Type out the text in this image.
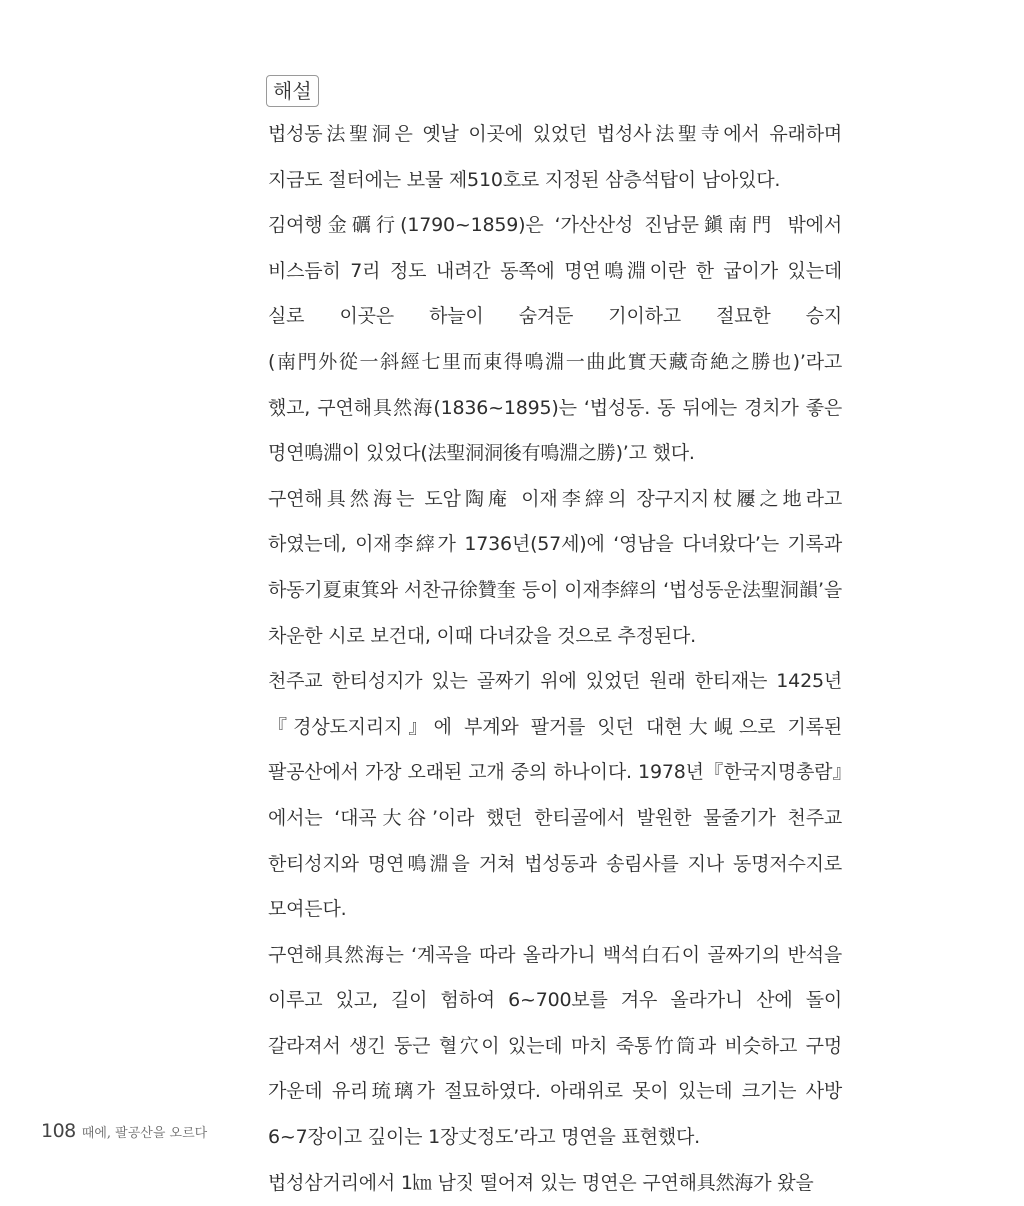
해설

법성동法聖洞은 옛날 이곳에 있었던 법성사法聖寺에서 유래하며 지금도 절터에는 보물 제510호로 지정된 삼층석탑이 남아있다.

김여행金礪行(1790~1859)은 ‘가산산성 진남문鎭南門 밖에서 비스듬히 7리 정도 내려간 동쪽에 명연鳴淵이란 한 굽이가 있는데 실로 이곳은 하늘이 숨겨둔 기이하고 절묘한 승지(南門外從一斜經七里而東得鳴淵一曲此實天藏奇絶之勝也)’라고 했고, 구연해具然海(1836~1895)는 ‘법성동. 동 뒤에는 경치가 좋은 명연鳴淵이 있었다(法聖洞洞後有鳴淵之勝)’고 했다.

구연해具然海는 도암陶庵 이재李縡의 장구지지杖屨之地라고 하였는데, 이재李縡가 1736년(57세)에 ‘영남을 다녀왔다’는 기록과 하동기夏東箕와 서찬규徐贊奎 등이 이재李縡의 ‘법성동운法聖洞韻’을 차운한 시로 보건대, 이때 다녀갔을 것으로 추정된다.

천주교 한티성지가 있는 골짜기 위에 있었던 원래 한티재는 1425년『경상도지리지』에 부계와 팔거를 잇던 대현大峴으로 기록된 팔공산에서 가장 오래된 고개 중의 하나이다. 1978년『한국지명총람』에서는 ‘대곡大谷’이라 했던 한티골에서 발원한 물줄기가 천주교 한티성지와 명연鳴淵을 거쳐 법성동과 송림사를 지나 동명저수지로 모여든다.

구연해具然海는 ‘계곡을 따라 올라가니 백석白石이 골짜기의 반석을 이루고 있고, 길이 험하여 6~700보를 겨우 올라가니 산에 돌이 갈라져서 생긴 둥근 혈穴이 있는데 마치 죽통竹筒과 비슷하고 구멍 가운데 유리琉璃가 절묘하였다. 아래위로 못이 있는데 크기는 사방 6~7장이고 깊이는 1장丈정도’라고 명연을 표현했다.

법성삼거리에서 1㎞ 남짓 떨어져 있는 명연은 구연해具然海가 왔을

108 때에, 팔공산을 오르다
